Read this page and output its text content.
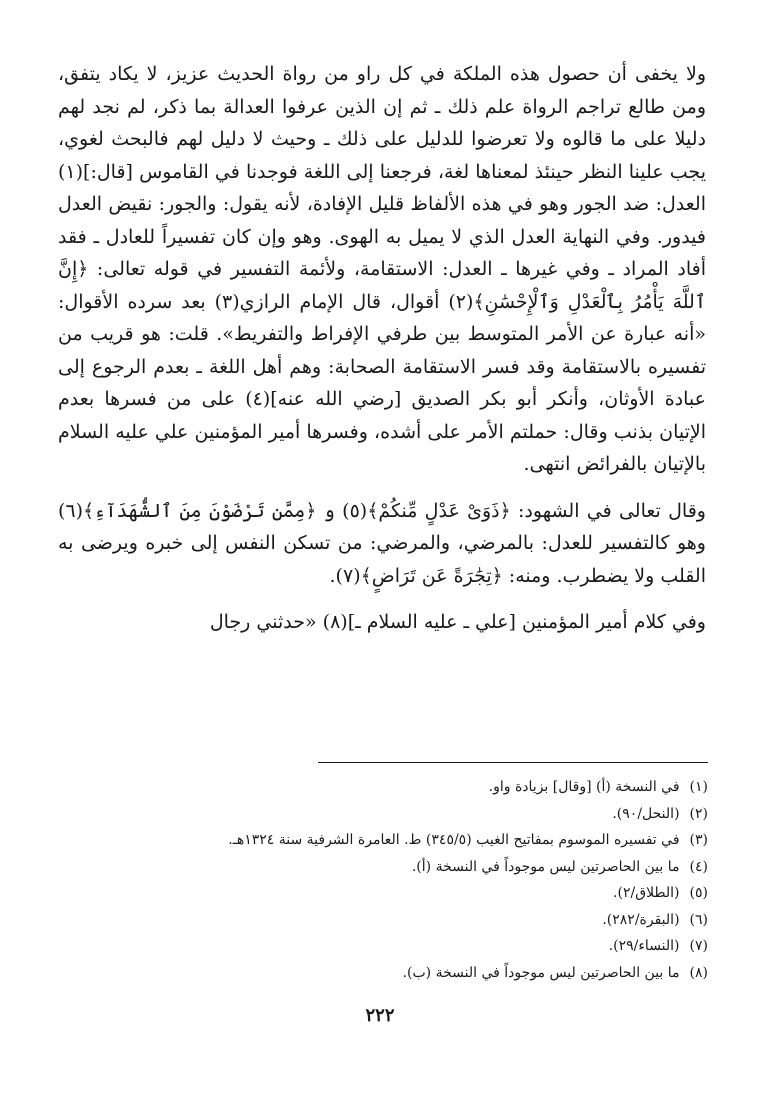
ولا يخفى أن حصول هذه الملكة في كل راو من رواة الحديث عزيز، لا يكاد يتفق، ومن طالع تراجم الرواة علم ذلك ـ ثم إن الذين عرفوا العدالة بما ذكر، لم نجد لهم دليلا على ما قالوه ولا تعرضوا للدليل على ذلك ـ وحيث لا دليل لهم فالبحث لغوي، يجب علينا النظر حينئذ لمعناها لغة، فرجعنا إلى اللغة فوجدنا في القاموس [قال:](١) العدل: ضد الجور وهو في هذه الألفاظ قليل الإفادة، لأنه يقول: والجور: نقيض العدل فيدور. وفي النهاية العدل الذي لا يميل به الهوى. وهو وإن كان تفسيراً للعادل ـ فقد أفاد المراد ـ وفي غيرها ـ العدل: الاستقامة، ولأئمة التفسير في قوله تعالى: ﴿إِنَّ ٱللَّهَ يَأْمُرُ بِٱلْعَدْلِ وَٱلْإِحْسَٰنِ﴾(٢) أقوال، قال الإمام الرازي(٣) بعد سرده الأقوال: «أنه عبارة عن الأمر المتوسط بين طرفي الإفراط والتفريط». قلت: هو قريب من تفسيره بالاستقامة وقد فسر الاستقامة الصحابة: وهم أهل اللغة ـ بعدم الرجوع إلى عبادة الأوثان، وأنكر أبو بكر الصديق [رضي الله عنه](٤) على من فسرها بعدم الإتيان بذنب وقال: حملتم الأمر على أشده، وفسرها أمير المؤمنين علي عليه السلام بالإتيان بالفرائض انتهى.

وقال تعالى في الشهود: ﴿ذَوَىْ عَدْلٍ مِّنكُمْ﴾(٥) و ﴿مِمَّن تَرْضَوْنَ مِنَ ٱلشُّهَدَآءِ﴾(٦) وهو كالتفسير للعدل: بالمرضي، والمرضي: من تسكن النفس إلى خبره ويرضى به القلب ولا يضطرب. ومنه: ﴿تِجَٰرَةً عَن تَرَاضٍ﴾(٧).

وفي كلام أمير المؤمنين [علي ـ عليه السلام ـ](٨) «حدثني رجال

(١)في النسخة (أ) [وقال] بزيادة واو.
(٢)(النحل/٩٠).
(٣)في تفسيره الموسوم بمفاتيح الغيب (٣٤٥/٥) ط. العامرة الشرفية سنة ١٣٢٤هـ.
(٤)ما بين الحاصرتين ليس موجوداً في النسخة (أ).
(٥)(الطلاق/٢).
(٦)(البقرة/٢٨٢).
(٧)(النساء/٢٩).
(٨)ما بين الحاصرتين ليس موجوداً في النسخة (ب).
٢٢٢
